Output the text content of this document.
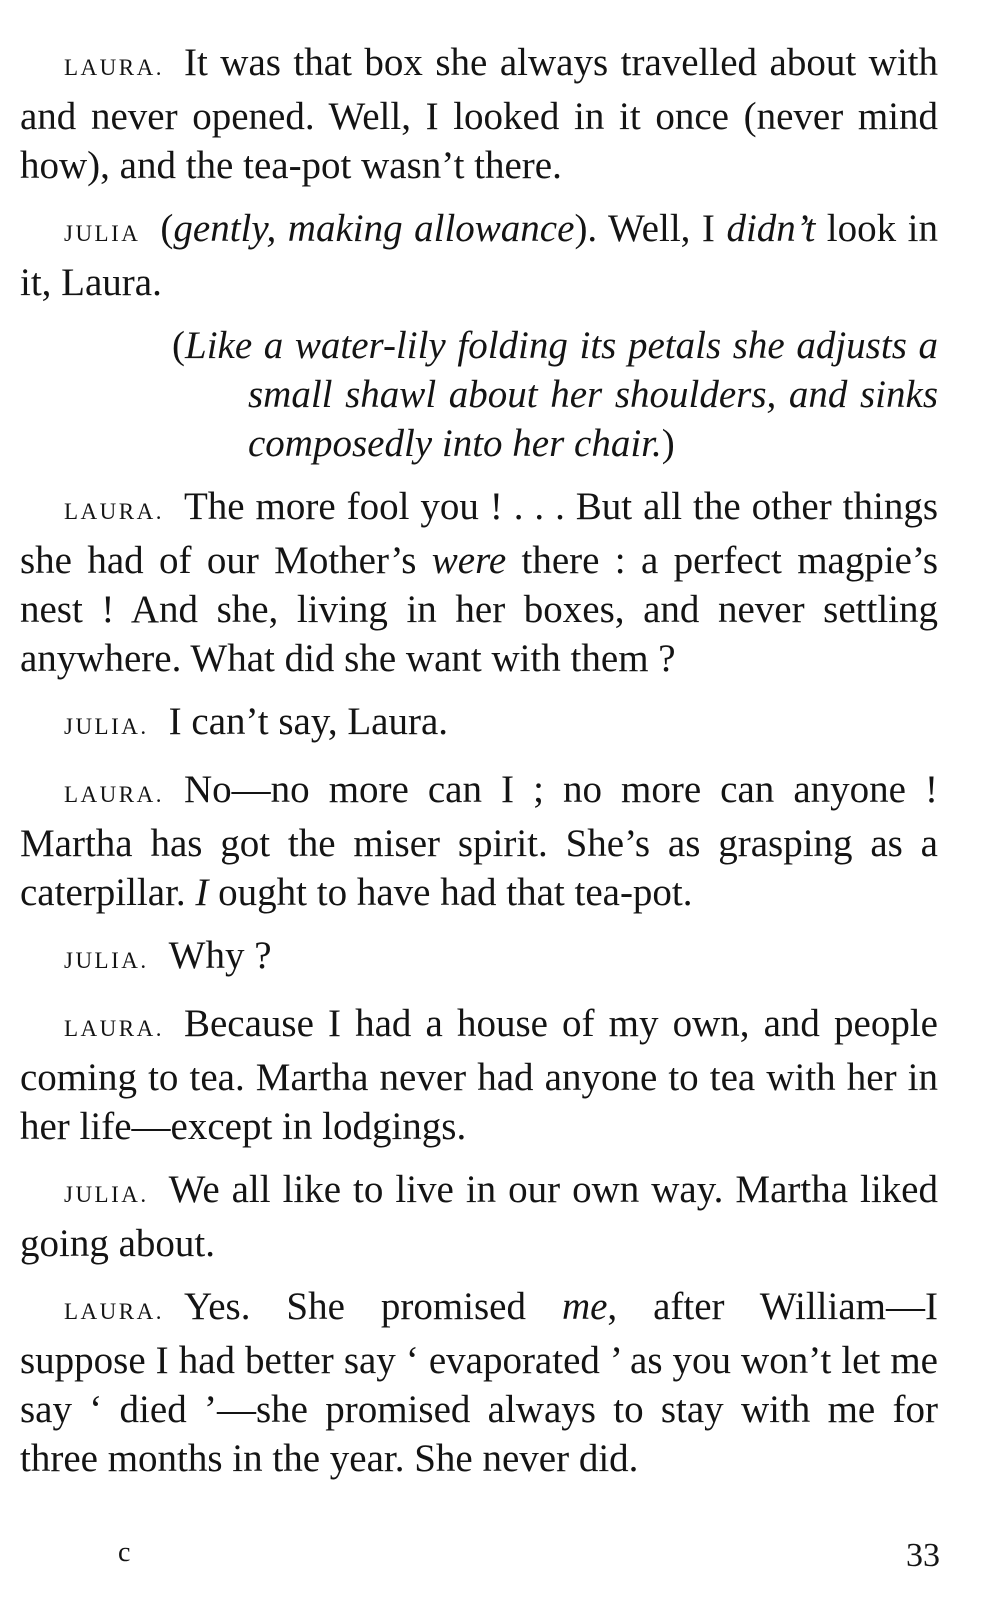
LAURA. It was that box she always travelled about with and never opened. Well, I looked in it once (never mind how), and the tea-pot wasn’t there.

JULIA (gently, making allowance). Well, I didn’t look in it, Laura.

(Like a water-lily folding its petals she adjusts a small shawl about her shoulders, and sinks composedly into her chair.)

LAURA. The more fool you ! . . . But all the other things she had of our Mother’s were there : a perfect magpie’s nest ! And she, living in her boxes, and never settling anywhere. What did she want with them ?

JULIA. I can’t say, Laura.

LAURA. No—no more can I ; no more can anyone ! Martha has got the miser spirit. She’s as grasping as a caterpillar. I ought to have had that tea-pot.

JULIA. Why ?

LAURA. Because I had a house of my own, and people coming to tea. Martha never had anyone to tea with her in her life—except in lodgings.

JULIA. We all like to live in our own way. Martha liked going about.

LAURA. Yes. She promised me, after William—I suppose I had better say ‘ evaporated ’ as you won’t let me say ‘ died ’—she promised always to stay with me for three months in the year. She never did.

c	33
